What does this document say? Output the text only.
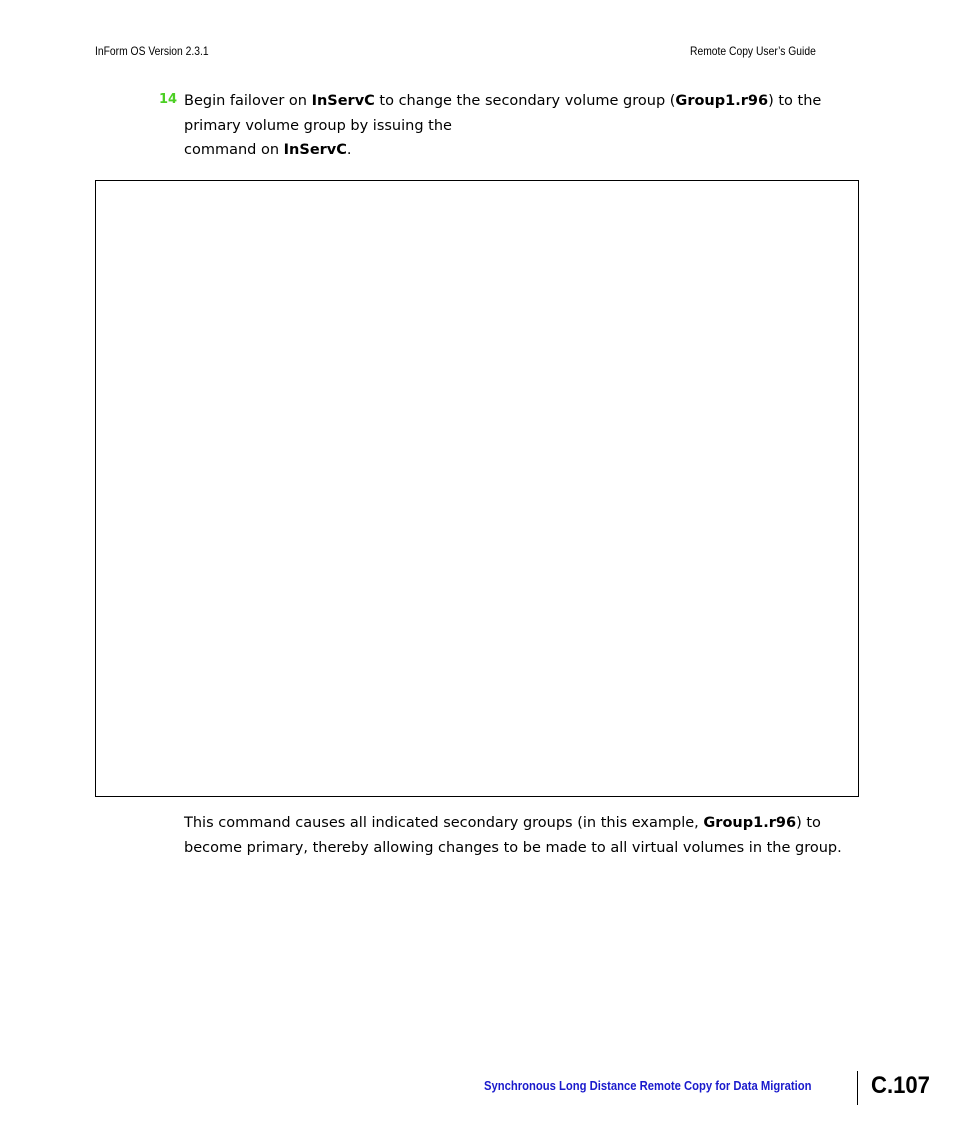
InForm OS Version 2.3.1	Remote Copy User’s Guide
14 Begin failover on InServC to change the secondary volume group (Group1.r96) to the primary volume group by issuing the
command on InServC.
This command causes all indicated secondary groups (in this example, Group1.r96) to become primary, thereby allowing changes to be made to all virtual volumes in the group.
Synchronous Long Distance Remote Copy for Data Migration C.107
